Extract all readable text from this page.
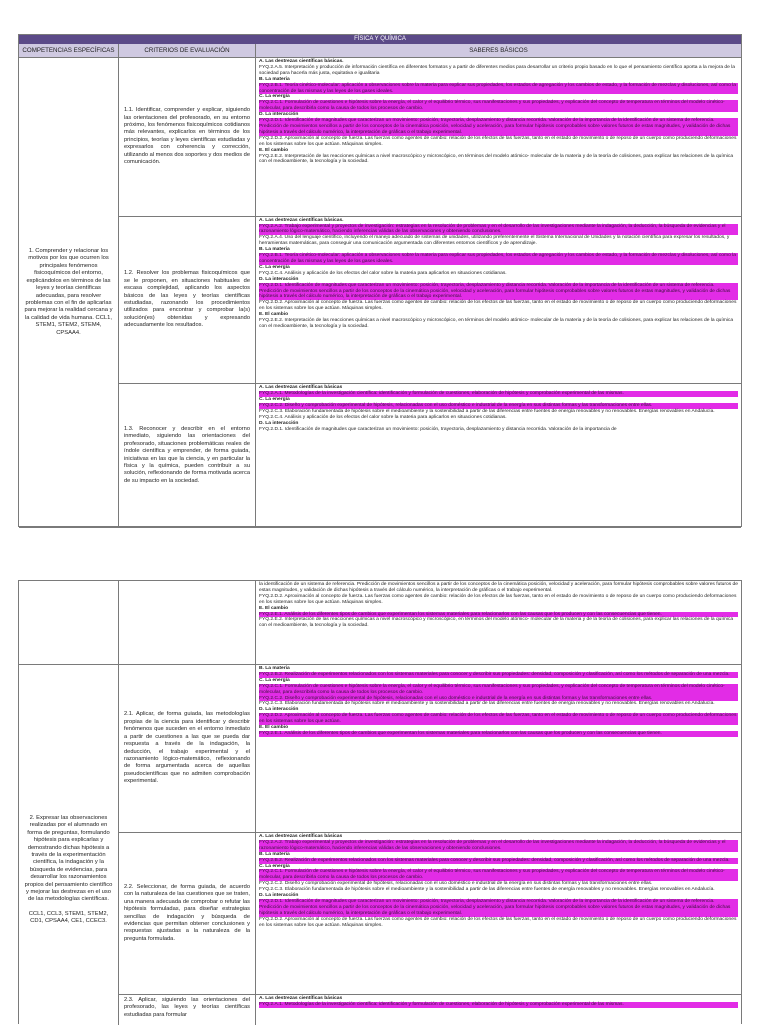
FÍSICA Y QUÍMICA
COMPETENCIAS ESPECÍFICAS	CRITERIOS DE EVALUACIÓN	SABERES BÁSICOS
1. Comprender y relacionar los motivos por los que ocurren los principales fenómenos fisicoquímicos del entorno, explicándolos en términos de las leyes y teorías científicas adecuadas, para resolver problemas con el fin de aplicarlas para mejorar la realidad cercana y la calidad de vida humana. CCL1, STEM1, STEM2, STEM4, CPSAA4.
1.1. Identificar, comprender y explicar, siguiendo las orientaciones del profesorado, en su entorno próximo, los fenómenos fisicoquímicos cotidianos más relevantes, explicarlos en términos de los principios, teorías y leyes científicas estudiadas y expresarlos con coherencia y corrección, utilizando al menos dos soportes y dos medios de comunicación.

A. Las destrezas científicas básicas.

FYQ.2.A.5. Interpretación y producción de información científica en diferentes formatos y a partir de diferentes medios para desarrollar un criterio propio basado en lo que el pensamiento científico aporta a la mejora de la sociedad para hacerla más justa, equitativa e igualitaria

B. La materia

FYQ.2.B.1. Teoría cinético-molecular: aplicación a observaciones sobre la materia para explicar sus propiedades, los estados de agregación y los cambios de estado, y la formación de mezclas y disoluciones, así como la concentración de las mismas y las leyes de los gases ideales.

C. La energía

FYQ.2.C.1. Formulación de cuestiones e hipótesis sobre la energía, el calor y el equilibrio térmico, sus manifestaciones y sus propiedades, y explicación del concepto de temperatura en términos del modelo cinético-molecular, para describirla como la causa de todos los procesos de cambio.

D. La interacción

FYQ.2.D.1. Identificación de magnitudes que caracterizan un movimiento: posición, trayectoria, desplazamiento y distancia recorrida. Valoración de la importancia de la identificación de un sistema de referencia. Predicción de movimientos sencillos a partir de los conceptos de la cinemática posición, velocidad y aceleración, para formular hipótesis comprobables sobre valores futuros de estas magnitudes, y validación de dichas hipótesis a través del cálculo numérico, la interpretación de gráficas o el trabajo experimental.

FYQ.2.D.2. Aproximación al concepto de fuerza. Las fuerzas como agentes de cambio: relación de los efectos de las fuerzas, tanto en el estado de movimiento o de reposo de un cuerpo como produciendo deformaciones en los sistemas sobre los que actúan. Máquinas simples.

E. El cambio

FYQ.2.E.2. Interpretación de las reacciones químicas a nivel macroscópico y microscópico, en términos del modelo atómico- molecular de la materia y de la teoría de colisiones, para explicar las relaciones de la química con el medioambiente, la tecnología y la sociedad.

1.2. Resolver los problemas fisicoquímicos que se le proponen, en situaciones habituales de escasa complejidad, aplicando los aspectos básicos de las leyes y teorías científicas estudiadas, razonando los procedimientos utilizados para encontrar y comprobar la(s) solución(es) obtenidas y expresando adecuadamente los resultados.

A. Las destrezas científicas básicas.

FYQ.2.A.2. Trabajo experimental y proyectos de investigación: estrategias en la resolución de problemas y en el desarrollo de las investigaciones mediante la indagación, la deducción, la búsqueda de evidencias y el razonamiento lógico-matemático, haciendo inferencias válidas de las observaciones y obteniendo conclusiones.

FYQ.2.A.4. Uso del lenguaje científico, incluyendo el manejo adecuado de sistemas de unidades, utilizando preferentemente el Sistema Internacional de Unidades y la notación científica para expresar los resultados, y herramientas matemáticas, para conseguir una comunicación argumentada con diferentes entornos científicos y de aprendizaje.

B. La materia

FYQ.2.B.1. Teoría cinético-molecular: aplicación a observaciones sobre la materia para explicar sus propiedades, los estados de agregación y los cambios de estado, y la formación de mezclas y disoluciones, así como la concentración de las mismas y las leyes de los gases ideales.

C. La energía

FYQ.2.C.4. Análisis y aplicación de los efectos del calor sobre la materia para aplicarlos en situaciones cotidianas.

D. La interacción

FYQ.2.D.1. Identificación de magnitudes que caracterizan un movimiento: posición, trayectoria, desplazamiento y distancia recorrida. Valoración de la importancia de la identificación de un sistema de referencia. Predicción de movimientos sencillos a partir de los conceptos de la cinemática posición, velocidad y aceleración, para formular hipótesis comprobables sobre valores futuros de estas magnitudes, y validación de dichas hipótesis a través del cálculo numérico, la interpretación de gráficas o el trabajo experimental.

FYQ.2.D.2. Aproximación al concepto de fuerza. Las fuerzas como agentes de cambio: relación de los efectos de las fuerzas, tanto en el estado de movimiento o de reposo de un cuerpo como produciendo deformaciones en los sistemas sobre los que actúan. Máquinas simples.

E. El cambio

FYQ.2.E.2. Interpretación de las reacciones químicas a nivel macroscópico y microscópico, en términos del modelo atómico- molecular de la materia y de la teoría de colisiones, para explicar las relaciones de la química con el medioambiente, la tecnología y la sociedad.

1.3. Reconocer y describir en el entorno inmediato, siguiendo las orientaciones del profesorado, situaciones problemáticas reales de índole científica y emprender, de forma guiada, iniciativas en las que la ciencia, y en particular la física y la química, pueden contribuir a su solución, reflexionando de forma motivada acerca de su impacto en la sociedad.

A. Las destrezas científicas básicas

FYQ.2.A.1. Metodologías de la investigación científica: identificación y formulación de cuestiones, elaboración de hipótesis y comprobación experimental de las mismas.

C. La energía

FYQ.2.C.2. Diseño y comprobación experimental de hipótesis, relacionadas con el uso doméstico e industrial de la energía en sus distintas formas y las transformaciones entre ellas.

FYQ.2.C.3. Elaboración fundamentada de hipótesis sobre el medioambiente y la sostenibilidad a partir de las diferencias entre fuentes de energía renovables y no renovables. Energías renovables en Andalucía.

FYQ.2.C.4. Análisis y aplicación de los efectos del calor sobre la materia para aplicarlos en situaciones cotidianas.

D. La interacción

FYQ.2.D.1. Identificación de magnitudes que caracterizan un movimiento: posición, trayectoria, desplazamiento y distancia recorrida. Valoración de la importancia de

la identificación de un sistema de referencia. Predicción de movimientos sencillos a partir de los conceptos de la cinemática posición, velocidad y aceleración, para formular hipótesis comprobables sobre valores futuros de estas magnitudes, y validación de dichas hipótesis a través del cálculo numérico, la interpretación de gráficas o el trabajo experimental.

FYQ.2.D.2. Aproximación al concepto de fuerza. Las fuerzas como agentes de cambio: relación de los efectos de las fuerzas, tanto en el estado de movimiento o de reposo de un cuerpo como produciendo deformaciones en los sistemas sobre los que actúan. Máquinas simples.

E. El cambio

FYQ.2.E.1. Análisis de los diferentes tipos de cambios que experimentan los sistemas materiales para relacionarlos con las causas que los producen y con las consecuencias que tienen.

FYQ.2.E.2. Interpretación de las reacciones químicas a nivel macroscópico y microscópico, en términos del modelo atómico- molecular de la materia y de la teoría de colisiones, para explicar las relaciones de la química con el medioambiente, la tecnología y la sociedad.

2. Expresar las observaciones realizadas por el alumnado en forma de preguntas, formulando hipótesis para explicarlas y demostrando dichas hipótesis a través de la experimentación científica, la indagación y la búsqueda de evidencias, para desarrollar los razonamientos propios del pensamiento científico y mejorar las destrezas en el uso de las metodologías científicas.
CCL1, CCL3, STEM1, STEM2, CD1, CPSAA4, CE1, CCEC3.
2.1. Aplicar, de forma guiada, las metodologías propias de la ciencia para identificar y describir fenómenos que suceden en el entorno inmediato a partir de cuestiones a las que se pueda dar respuesta a través de la indagación, la deducción, el trabajo experimental y el razonamiento lógico-matemático, reflexionando de forma argumentada acerca de aquellas pseudocientíficas que no admiten comprobación experimental.

B. La materia

FYQ.2.B.2. Realización de experimentos relacionados con los sistemas materiales para conocer y describir sus propiedades: densidad, composición y clasificación, así como los métodos de separación de una mezcla.

C. La energía

FYQ.2.C.1. Formulación de cuestiones e hipótesis sobre la energía, el calor y el equilibrio térmico, sus manifestaciones y sus propiedades, y explicación del concepto de temperatura en términos del modelo cinético-molecular, para describirla como la causa de todos los procesos de cambio.

FYQ.2.C.2. Diseño y comprobación experimental de hipótesis, relacionadas con el uso doméstico e industrial de la energía en sus distintas formas y las transformaciones entre ellas.

FYQ.2.C.3. Elaboración fundamentada de hipótesis sobre el medioambiente y la sostenibilidad a partir de las diferencias entre fuentes de energía renovables y no renovables. Energías renovables en Andalucía.

D. La interacción

FYQ.2.D.2. Aproximación al concepto de fuerza. Las fuerzas como agentes de cambio: relación de los efectos de las fuerzas, tanto en el estado de movimiento o de reposo de un cuerpo como produciendo deformaciones en los sistemas sobre los que actúan.

E. El cambio

FYQ.2.E.1. Análisis de los diferentes tipos de cambios que experimentan los sistemas materiales para relacionarlos con las causas que los producen y con las consecuencias que tienen.

2.2. Seleccionar, de forma guiada, de acuerdo con la naturaleza de las cuestiones que se traten, una manera adecuada de comprobar o refutar las hipótesis formuladas, para diseñar estrategias sencillas de indagación y búsqueda de evidencias que permitan obtener conclusiones y respuestas ajustadas a la naturaleza de la pregunta formulada.

A. Las destrezas científicas básicas

FYQ.2.A.2. Trabajo experimental y proyectos de investigación: estrategias en la resolución de problemas y en el desarrollo de las investigaciones mediante la indagación, la deducción, la búsqueda de evidencias y el razonamiento lógico-matemático, haciendo inferencias válidas de las observaciones y obteniendo conclusiones.

B. La materia

FYQ.2.B.2. Realización de experimentos relacionados con los sistemas materiales para conocer y describir sus propiedades: densidad, composición y clasificación, así como los métodos de separación de una mezcla.

C. La energía

FYQ.2.C.1. Formulación de cuestiones e hipótesis sobre la energía, el calor y el equilibrio térmico, sus manifestaciones y sus propiedades, y explicación del concepto de temperatura en términos del modelo cinético-molecular, para describirla como la causa de todos los procesos de cambio.

FYQ.2.C.2. Diseño y comprobación experimental de hipótesis, relacionadas con el uso doméstico e industrial de la energía en sus distintas formas y las transformaciones entre ellas.

FYQ.2.C.3. Elaboración fundamentada de hipótesis sobre el medioambiente y la sostenibilidad a partir de las diferencias entre fuentes de energía renovables y no renovables. Energías renovables en Andalucía.

D. La interacción

FYQ.2.D.1. Identificación de magnitudes que caracterizan un movimiento: posición, trayectoria, desplazamiento y distancia recorrida. Valoración de la importancia de la identificación de un sistema de referencia. Predicción de movimientos sencillos a partir de los conceptos de la cinemática posición, velocidad y aceleración, para formular hipótesis comprobables sobre valores futuros de estas magnitudes, y validación de dichas hipótesis a través del cálculo numérico, la interpretación de gráficas o el trabajo experimental.

FYQ.2.D.2. Aproximación al concepto de fuerza. Las fuerzas como agentes de cambio: relación de los efectos de las fuerzas, tanto en el estado de movimiento o de reposo de un cuerpo como produciendo deformaciones en los sistemas sobre los que actúan. Máquinas simples.

2.3. Aplicar, siguiendo las orientaciones del profesorado, las leyes y teorías científicas estudiadas para formular

A. Las destrezas científicas básicas

FYQ.2.A.1. Metodologías de la investigación científica: identificación y formulación de cuestiones, elaboración de hipótesis y comprobación experimental de las mismas.
